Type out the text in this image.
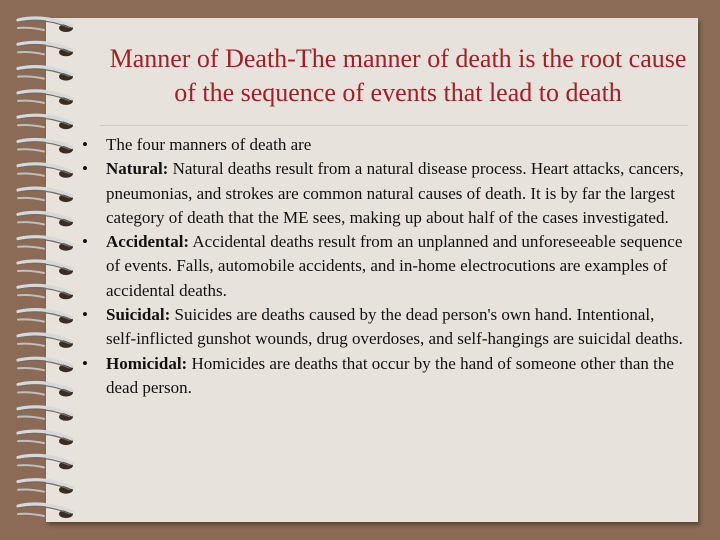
Manner of Death-The manner of death is the root cause of the sequence of events that lead to death
• The four manners of death are
• Natural: Natural deaths result from a natural disease process. Heart attacks, cancers, pneumonias, and strokes are common natural causes of death. It is by far the largest category of death that the ME sees, making up about half of the cases investigated.
• Accidental: Accidental deaths result from an unplanned and unforeseeable sequence of events. Falls, automobile accidents, and in-home electrocutions are examples of accidental deaths.
• Suicidal: Suicides are deaths caused by the dead person's own hand. Intentional, self-inflicted gunshot wounds, drug overdoses, and self-hangings are suicidal deaths.
• Homicidal: Homicides are deaths that occur by the hand of someone other than the dead person.
